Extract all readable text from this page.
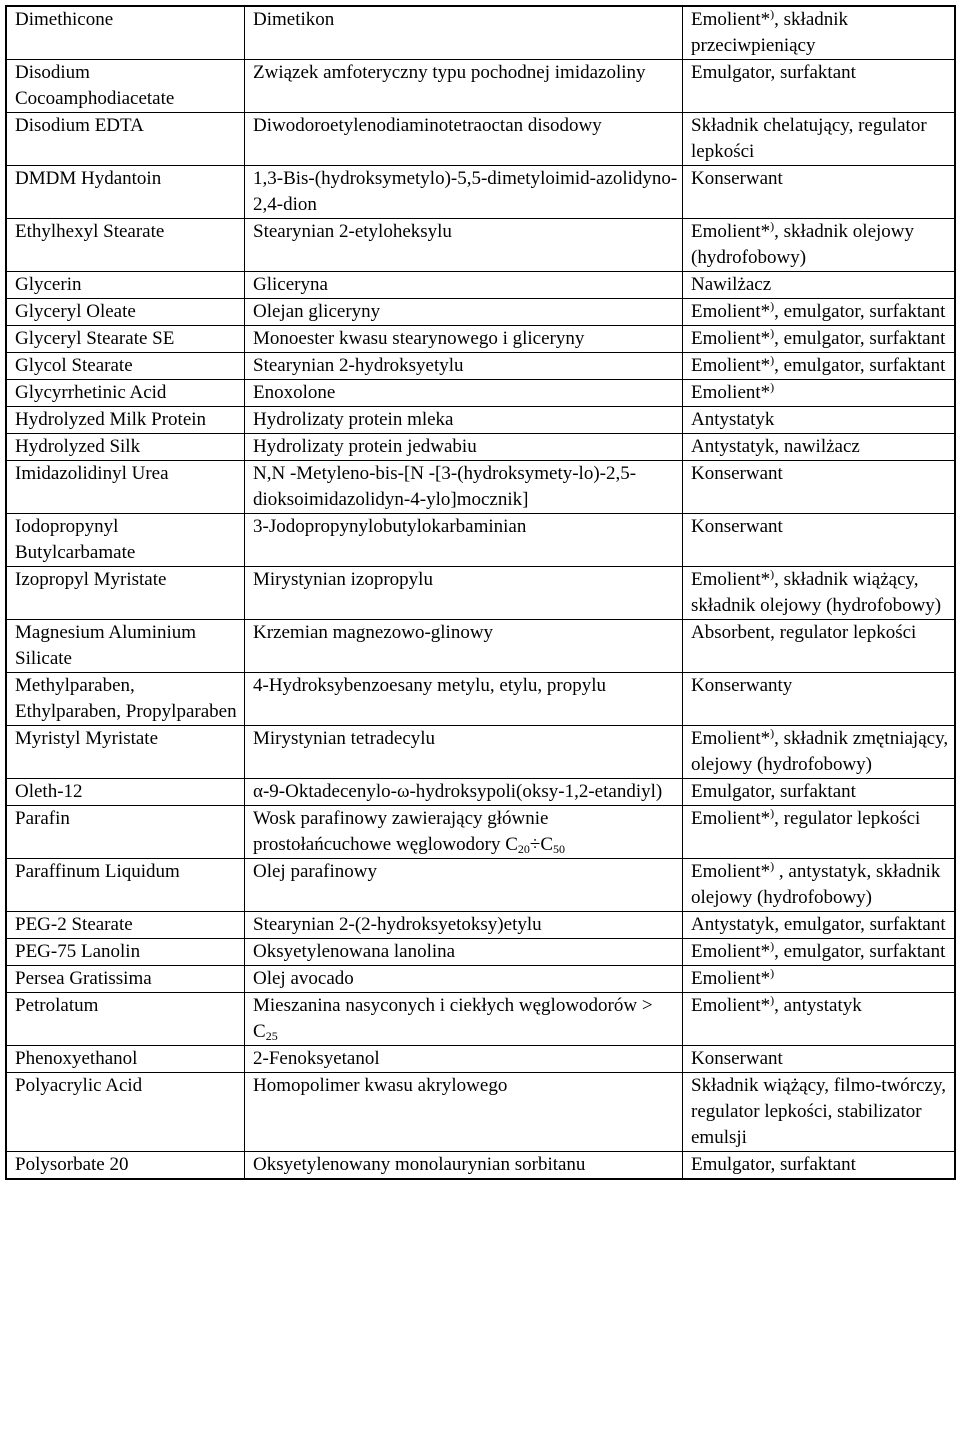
Dimethicone	Dimetikon	Emolient*), składnik przeciwpieniący
Disodium Cocoamphodiacetate	Związek amfoteryczny typu pochodnej imidazoliny	Emulgator, surfaktant
Disodium EDTA	Diwodoroetylenodiaminotetraoctan disodowy	Składnik chelatujący, regulator lepkości
DMDM Hydantoin	1,3-Bis-(hydroksymetylo)-5,5-dimetyloimid-azolidyno-2,4-dion	Konserwant
Ethylhexyl Stearate	Stearynian 2-etyloheksylu	Emolient*), składnik olejowy (hydrofobowy)
Glycerin	Gliceryna	Nawilżacz
Glyceryl Oleate	Olejan gliceryny	Emolient*), emulgator, surfaktant
Glyceryl Stearate SE	Monoester kwasu stearynowego i gliceryny	Emolient*), emulgator, surfaktant
Glycol Stearate	Stearynian 2-hydroksyetylu	Emolient*), emulgator, surfaktant
Glycyrrhetinic Acid	Enoxolone	Emolient*)
Hydrolyzed Milk Protein	Hydrolizaty protein mleka	Antystatyk
Hydrolyzed Silk	Hydrolizaty protein jedwabiu	Antystatyk, nawilżacz
Imidazolidinyl Urea	N,N -Metyleno-bis-[N -[3-(hydroksymety-lo)-2,5-dioksoimidazolidyn-4-ylo]mocznik]	Konserwant
Iodopropynyl Butylcarbamate	3-Jodopropynylobutylokarbaminian	Konserwant
Izopropyl Myristate	Mirystynian izopropylu	Emolient*), składnik wiążący, składnik olejowy (hydrofobowy)
Magnesium Aluminium Silicate	Krzemian magnezowo-glinowy	Absorbent, regulator lepkości
Methylparaben, Ethylparaben, Propylparaben	4-Hydroksybenzoesany metylu, etylu, propylu	Konserwanty
Myristyl Myristate	Mirystynian tetradecylu	Emolient*), składnik zmętniający, olejowy (hydrofobowy)
Oleth-12	α-9-Oktadecenylo-ω-hydroksypoli(oksy-1,2-etandiyl)	Emulgator, surfaktant
Parafin	Wosk parafinowy zawierający głównie prostołańcuchowe węglowodory $C_{20}\div C_{50}$	Emolient*), regulator lepkości
Paraffinum Liquidum	Olej parafinowy	Emolient*) , antystatyk, składnik olejowy (hydrofobowy)
PEG-2 Stearate	Stearynian 2-(2-hydroksyetoksy)etylu	Antystatyk, emulgator, surfaktant
PEG-75 Lanolin	Oksyetylenowana lanolina	Emolient*), emulgator, surfaktant
Persea Gratissima	Olej avocado	Emolient*)
Petrolatum	Mieszanina nasyconych i ciekłych węglowodorów > $C_{25}$	Emolient*), antystatyk
Phenoxyethanol	2-Fenoksyetanol	Konserwant
Polyacrylic Acid	Homopolimer kwasu akrylowego	Składnik wiążący, filmo-twórczy, regulator lepkości, stabilizator emulsji
Polysorbate 20	Oksyetylenowany monolaurynian sorbitanu	Emulgator, surfaktant
